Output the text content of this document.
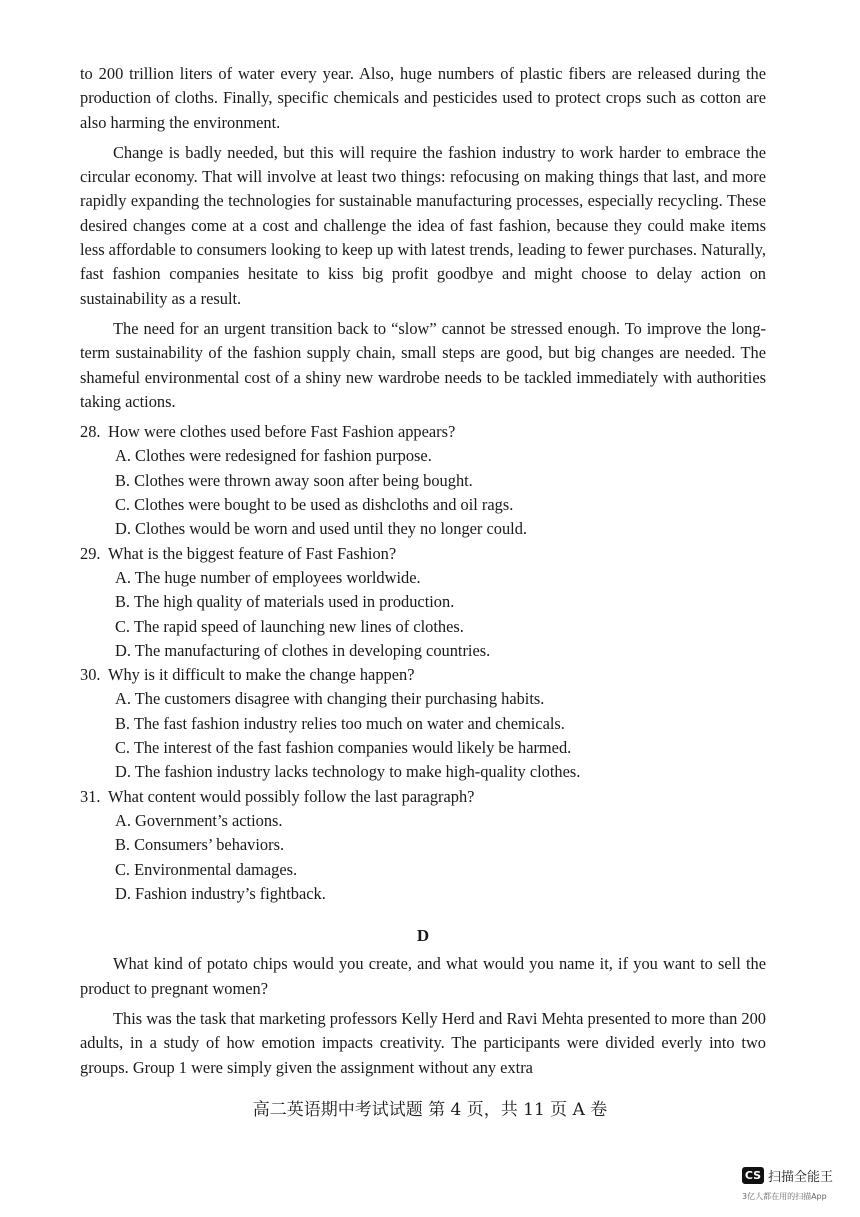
to 200 trillion liters of water every year. Also, huge numbers of plastic fibers are released during the production of cloths. Finally, specific chemicals and pesticides used to protect crops such as cotton are also harming the environment.

Change is badly needed, but this will require the fashion industry to work harder to embrace the circular economy. That will involve at least two things: refocusing on making things that last, and more rapidly expanding the technologies for sustainable manufacturing processes, especially recycling. These desired changes come at a cost and challenge the idea of fast fashion, because they could make items less affordable to consumers looking to keep up with latest trends, leading to fewer purchases. Naturally, fast fashion companies hesitate to kiss big profit goodbye and might choose to delay action on sustainability as a result.

The need for an urgent transition back to “slow” cannot be stressed enough. To improve the long-term sustainability of the fashion supply chain, small steps are good, but big changes are needed. The shameful environmental cost of a shiny new wardrobe needs to be tackled immediately with authorities taking actions.

28. How were clothes used before Fast Fashion appears?
A. Clothes were redesigned for fashion purpose.
B. Clothes were thrown away soon after being bought.
C. Clothes were bought to be used as dishcloths and oil rags.
D. Clothes would be worn and used until they no longer could.
29. What is the biggest feature of Fast Fashion?
A. The huge number of employees worldwide.
B. The high quality of materials used in production.
C. The rapid speed of launching new lines of clothes.
D. The manufacturing of clothes in developing countries.
30. Why is it difficult to make the change happen?
A. The customers disagree with changing their purchasing habits.
B. The fast fashion industry relies too much on water and chemicals.
C. The interest of the fast fashion companies would likely be harmed.
D. The fashion industry lacks technology to make high-quality clothes.
31. What content would possibly follow the last paragraph?
A. Government’s actions.
B. Consumers’ behaviors.
C. Environmental damages.
D. Fashion industry’s fightback.
D

What kind of potato chips would you create, and what would you name it, if you want to sell the product to pregnant women?

This was the task that marketing professors Kelly Herd and Ravi Mehta presented to more than 200 adults, in a study of how emotion impacts creativity. The participants were divided everly into two groups. Group 1 were simply given the assignment without any extra

高二英语期中考试试题 第 4 页，共 11 页 A 卷
CS 扫描全能王
3亿人都在用的扫描App
